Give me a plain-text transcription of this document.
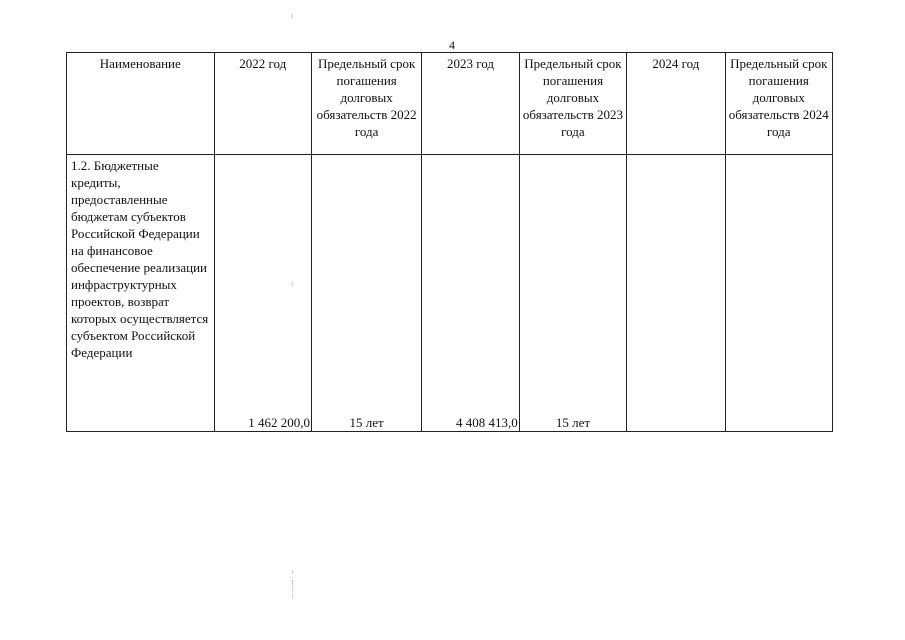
4
ι
⁝
›
Наименование	2022 год	Предельный срок погашения долговых обязательств 2022 года	2023 год	Предельный срок погашения долговых обязательств 2023 года	2024 год	Предельный срок погашения долговых обязательств 2024 года
1.2. Бюджетные кредиты, предоставленные бюджетам субъектов Российской Федерации на финансовое обеспечение реализации инфраструктурных проектов, возврат которых осуществляется субъектом Российской Федерации	1 462 200,0	15 лет	4 408 413,0	15 лет		
